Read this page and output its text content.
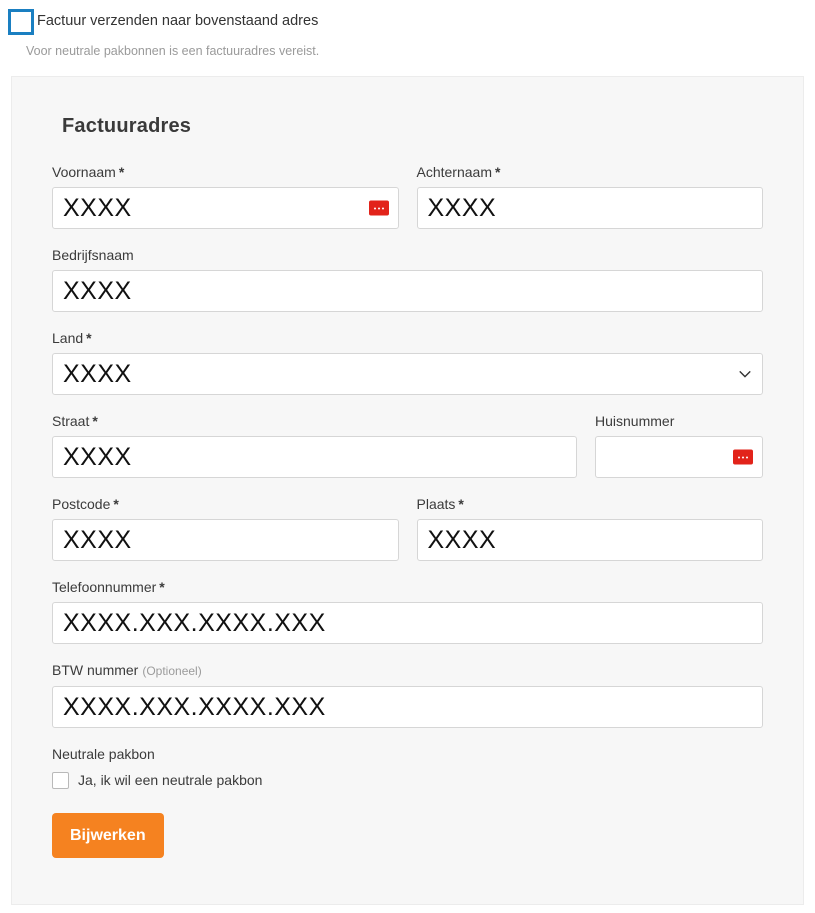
Factuur verzenden naar bovenstaand adres
Voor neutrale pakbonnen is een factuuradres vereist.
Factuuradres
Voornaam *
XXXX
Achternaam *
XXXX
Bedrijfsnaam
XXXX
Land *
XXXX
Straat *
XXXX
Huisnummer
Postcode *
XXXX
Plaats *
XXXX
Telefoonnummer *
XXXX.XXX.XXXX.XXX
BTW nummer (Optioneel)
XXXX.XXX.XXXX.XXX
Neutrale pakbon
Ja, ik wil een neutrale pakbon
Bijwerken
